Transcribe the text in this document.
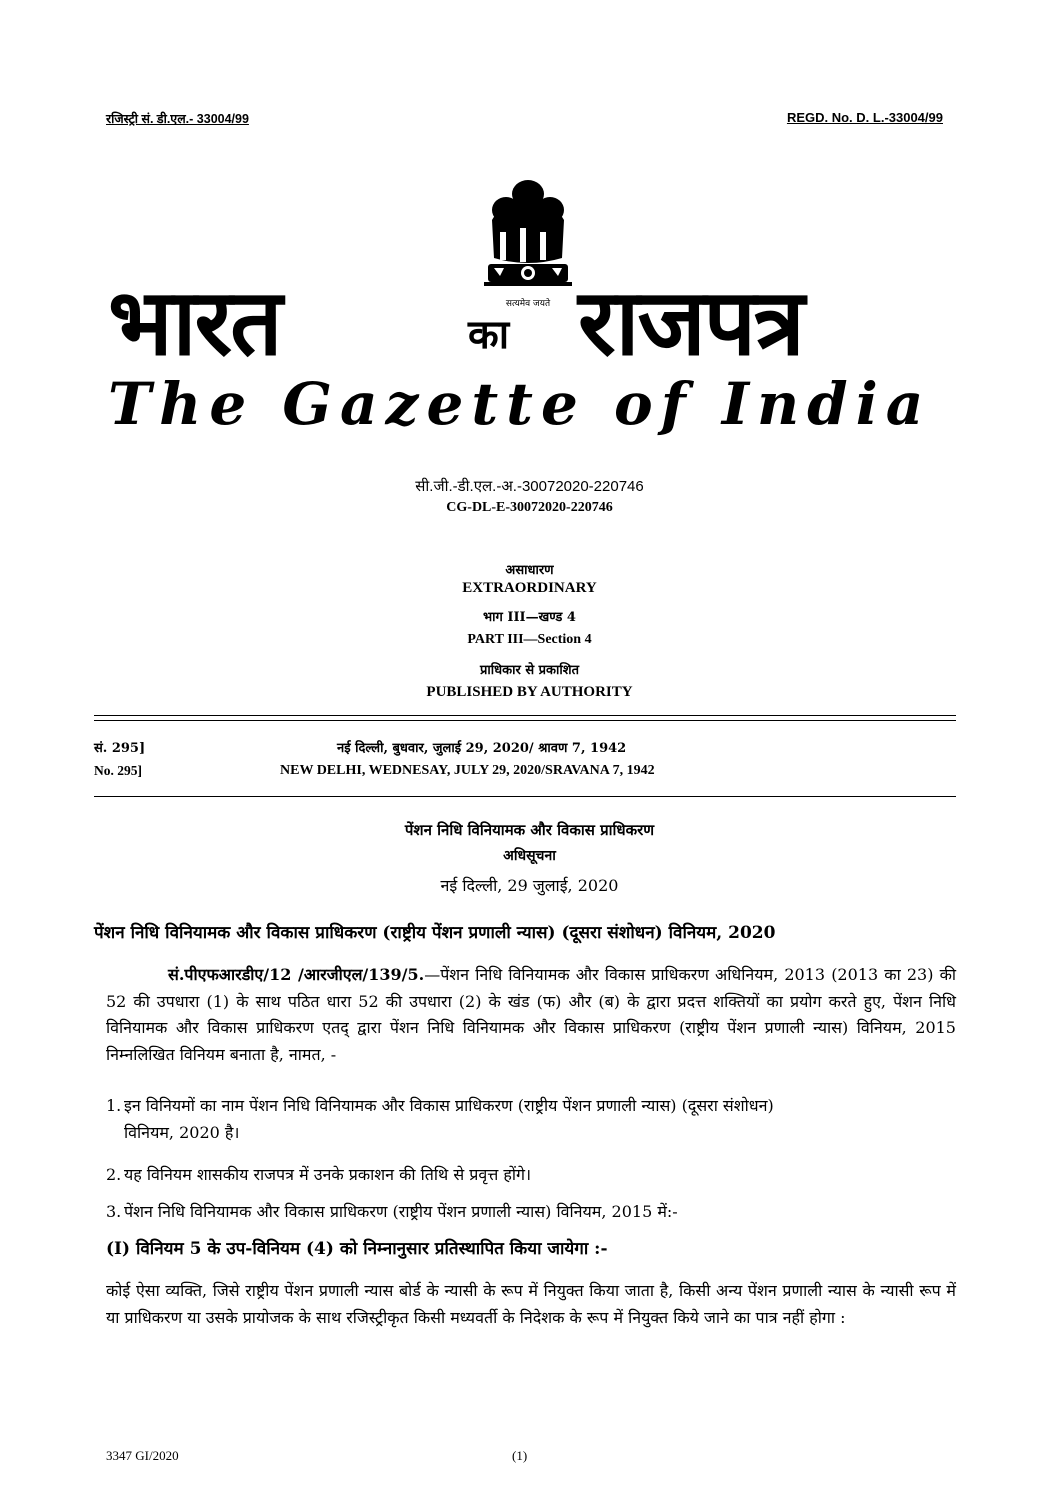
रजिस्ट्री सं. डी.एल.- 33004/99	REGD. No. D. L.-33004/99
सत्यमेव जयते
भारत	का राजपत्र
The Gazette of India
सी.जी.-डी.एल.-अ.-30072020-220746
CG-DL-E-30072020-220746
असाधारण
EXTRAORDINARY
भाग III—खण्ड 4
PART III—Section 4
प्राधिकार से प्रकाशित
PUBLISHED BY AUTHORITY
सं. 295]	नई दिल्ली, बुधवार, जुलाई 29, 2020/ श्रावण 7, 1942
No. 295]	NEW DELHI, WEDNESAY, JULY 29, 2020/SRAVANA 7, 1942
पेंशन निधि विनियामक और विकास प्राधिकरण
अधिसूचना
नई दिल्ली, 29 जुलाई, 2020
पेंशन निधि विनियामक और विकास प्राधिकरण (राष्ट्रीय पेंशन प्रणाली न्यास) (दूसरा संशोधन) विनियम, 2020
सं.पीएफआरडीए/12 /आरजीएल/139/5.—पेंशन निधि विनियामक और विकास प्राधिकरण अधिनियम, 2013 (2013 का 23) की 52 की उपधारा (1) के साथ पठित धारा 52 की उपधारा (2) के खंड (फ) और (ब) के द्वारा प्रदत्त शक्तियों का प्रयोग करते हुए, पेंशन निधि विनियामक और विकास प्राधिकरण एतद् द्वारा पेंशन निधि विनियामक और विकास प्राधिकरण (राष्ट्रीय पेंशन प्रणाली न्यास) विनियम, 2015 निम्नलिखित विनियम बनाता है, नामत, -
1. इन विनियमों का नाम पेंशन निधि विनियामक और विकास प्राधिकरण (राष्ट्रीय पेंशन प्रणाली न्यास) (दूसरा संशोधन)
विनियम, 2020 है।
2. यह विनियम शासकीय राजपत्र में उनके प्रकाशन की तिथि से प्रवृत्त होंगे।
3. पेंशन निधि विनियामक और विकास प्राधिकरण (राष्ट्रीय पेंशन प्रणाली न्यास) विनियम, 2015 में:-
(I) विनियम 5 के उप-विनियम (4) को निम्नानुसार प्रतिस्थापित किया जायेगा :-
कोई ऐसा व्यक्ति, जिसे राष्ट्रीय पेंशन प्रणाली न्यास बोर्ड के न्यासी के रूप में नियुक्त किया जाता है, किसी अन्य पेंशन प्रणाली न्यास के न्यासी रूप में या प्राधिकरण या उसके प्रायोजक के साथ रजिस्ट्रीकृत किसी मध्यवर्ती के निदेशक के रूप में नियुक्त किये जाने का पात्र नहीं होगा :
3347 GI/2020	(1)
